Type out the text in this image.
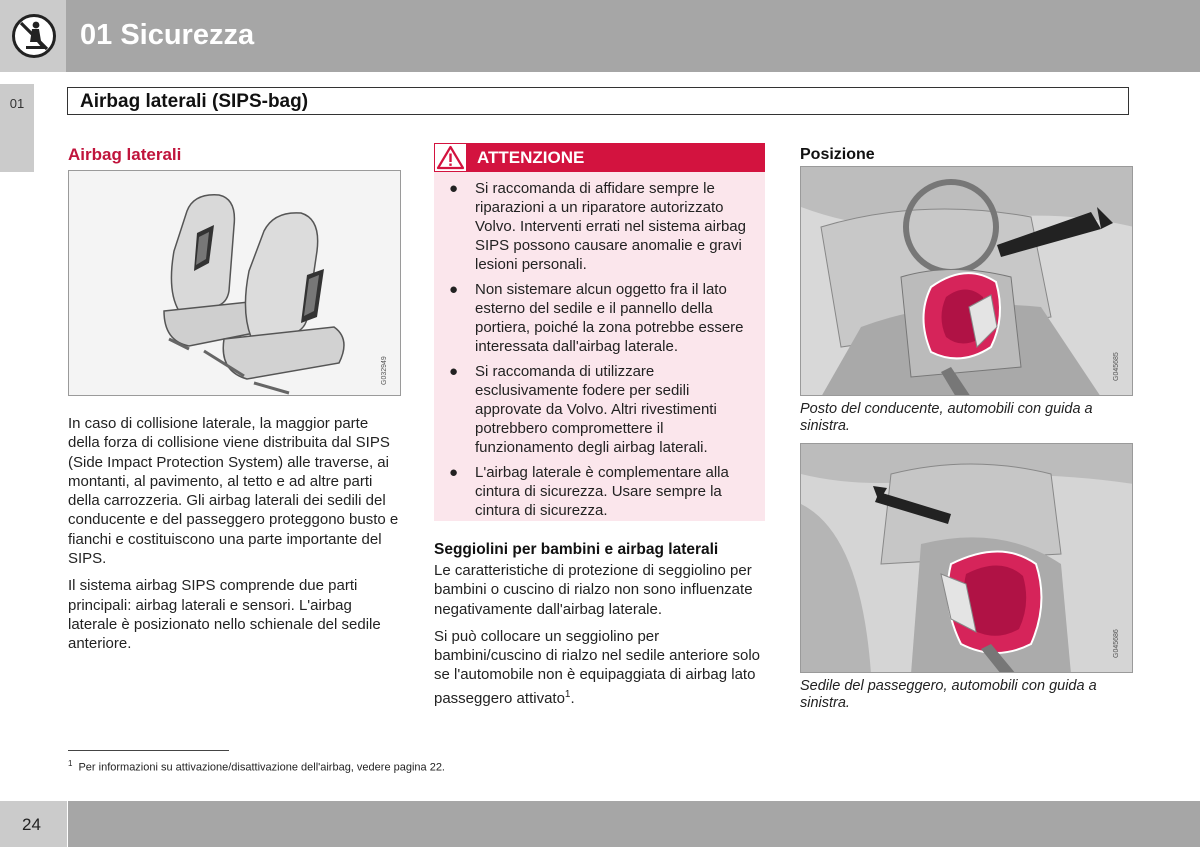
01 Sicurezza
01	Airbag laterali (SIPS-bag)
Airbag laterali
G032949

In caso di collisione laterale, la maggior parte della forza di collisione viene distribuita dal SIPS (Side Impact Protection System) alle traverse, ai montanti, al pavimento, al tetto e ad altre parti della carrozzeria. Gli airbag laterali dei sedili del conducente e del passeggero proteggono busto e fianchi e costituiscono una parte importante del SIPS.

Il sistema airbag SIPS comprende due parti principali: airbag laterali e sensori. L'airbag laterale è posizionato nello schienale del sedile anteriore.

ATTENZIONE
● Si raccomanda di affidare sempre le riparazioni a un riparatore autorizzato Volvo. Interventi errati nel sistema airbag SIPS possono causare anomalie e gravi lesioni personali.
● Non sistemare alcun oggetto fra il lato esterno del sedile e il pannello della portiera, poiché la zona potrebbe essere interessata dall'airbag laterale.
● Si raccomanda di utilizzare esclusivamente fodere per sedili approvate da Volvo. Altri rivestimenti potrebbero compromettere il funzionamento degli airbag laterali.
● L'airbag laterale è complementare alla cintura di sicurezza. Usare sempre la cintura di sicurezza.
Seggiolini per bambini e airbag laterali

Le caratteristiche di protezione di seggiolino per bambini o cuscino di rialzo non sono influenzate negativamente dall'airbag laterale.

Si può collocare un seggiolino per bambini/cuscino di rialzo nel sedile anteriore solo se l'automobile non è equipaggiata di airbag lato passeggero attivato$^1$.

Posizione
G045685
Posto del conducente, automobili con guida a sinistra.
G045686
Sedile del passeggero, automobili con guida a sinistra.
$^1$ Per informazioni su attivazione/disattivazione dell'airbag, vedere pagina 22.
24
